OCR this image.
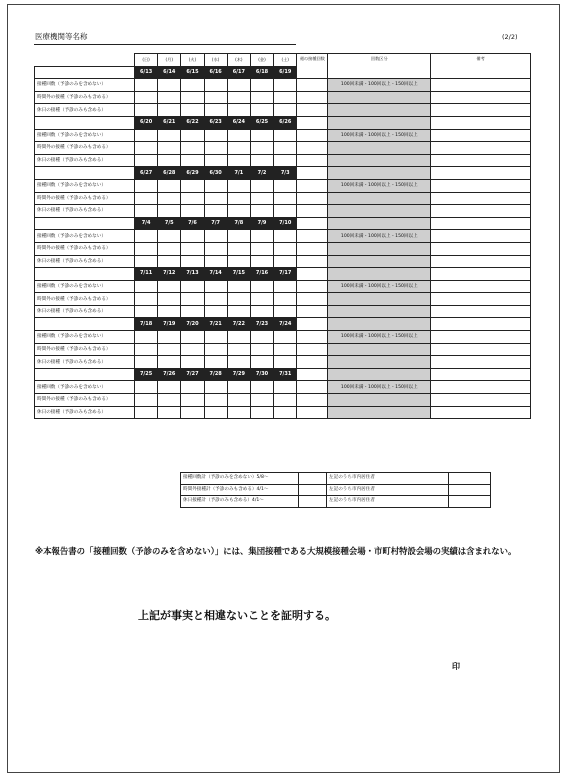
医療機関等名称	(2/2)
	(日)	(月)	(火)	(水)	(木)	(金)	(土)	週の接種回数	回数区分	備考
	6/13	6/14	6/15	6/16	6/17	6/18	6/19			
接種回数（予診のみを含めない）									100回未満・100回以上・150回以上	
時間外の接種（予診のみも含める）										
休日の接種（予診のみも含める）										
	6/20	6/21	6/22	6/23	6/24	6/25	6/26			
接種回数（予診のみを含めない）									100回未満・100回以上・150回以上	
時間外の接種（予診のみも含める）										
休日の接種（予診のみも含める）										
	6/27	6/28	6/29	6/30	7/1	7/2	7/3			
接種回数（予診のみを含めない）									100回未満・100回以上・150回以上	
時間外の接種（予診のみも含める）										
休日の接種（予診のみも含める）										
	7/4	7/5	7/6	7/7	7/8	7/9	7/10			
接種回数（予診のみを含めない）									100回未満・100回以上・150回以上	
時間外の接種（予診のみも含める）										
休日の接種（予診のみも含める）										
	7/11	7/12	7/13	7/14	7/15	7/16	7/17			
接種回数（予診のみを含めない）									100回未満・100回以上・150回以上	
時間外の接種（予診のみも含める）										
休日の接種（予診のみも含める）										
	7/18	7/19	7/20	7/21	7/22	7/23	7/24			
接種回数（予診のみを含めない）									100回未満・100回以上・150回以上	
時間外の接種（予診のみも含める）										
休日の接種（予診のみも含める）										
	7/25	7/26	7/27	7/28	7/29	7/30	7/31			
接種回数（予診のみを含めない）									100回未満・100回以上・150回以上	
時間外の接種（予診のみも含める）										
休日の接種（予診のみも含める）										
接種回数計（予診のみを含めない）5/8〜		左記のうち市内居住者	
時間外接種計（予診のみも含める）4/1〜		左記のうち市内居住者	
休日接種計（予診のみも含める）4/1〜		左記のうち市内居住者	
※本報告書の「接種回数（予診のみを含めない）」には、集団接種である大規模接種会場・市町村特設会場の実績は含まれない。
上記が事実と相違ないことを証明する。
印
